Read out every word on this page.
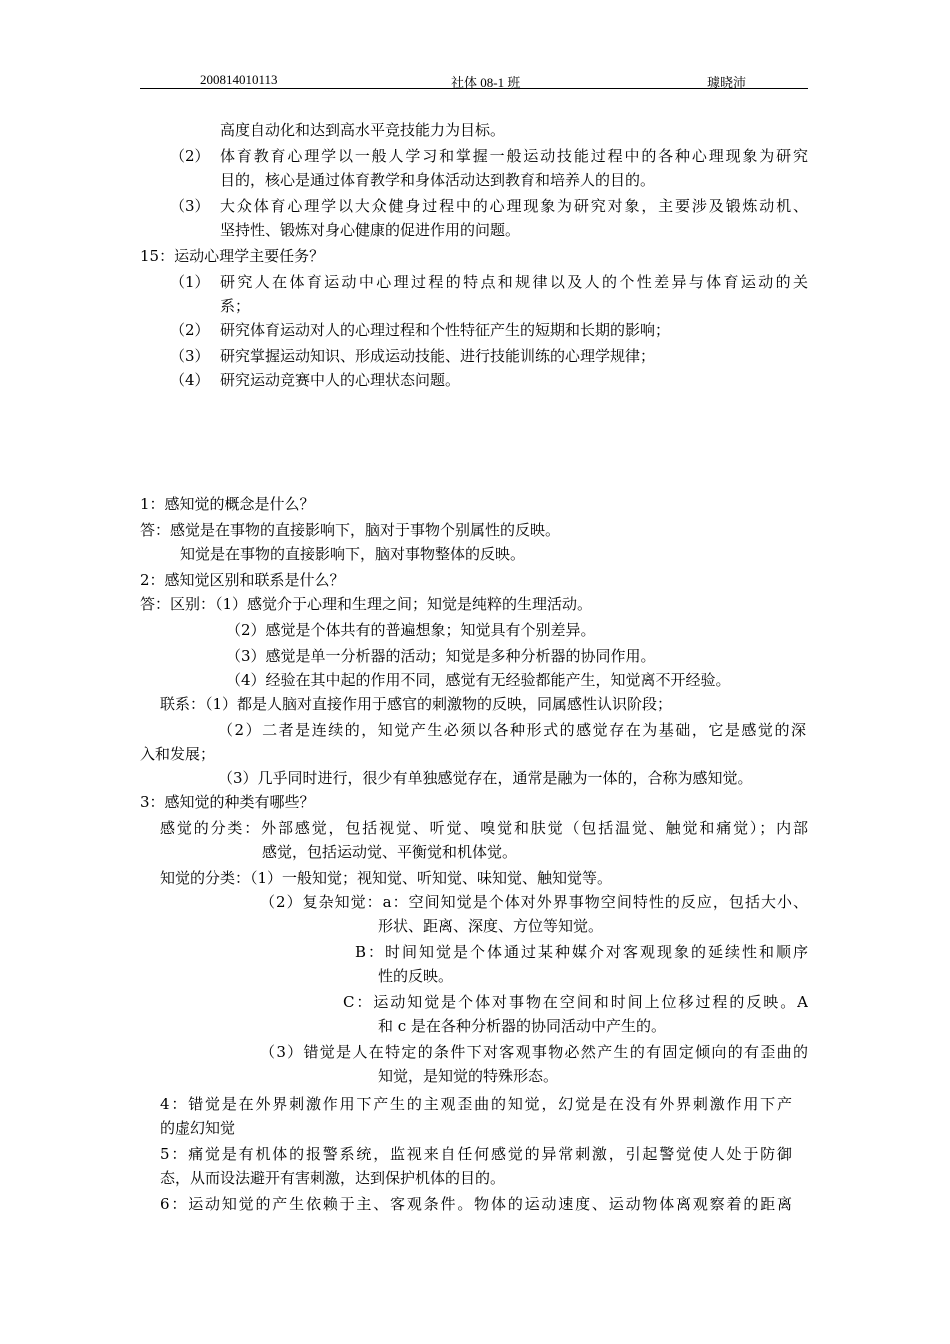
200814010113	社体 08-1 班	璩晓沛
高度自动化和达到高水平竞技能力为目标。
（2） 体育教育心理学以一般人学习和掌握一般运动技能过程中的各种心理现象为研究
目的，核心是通过体育教学和身体活动达到教育和培养人的目的。
（3） 大众体育心理学以大众健身过程中的心理现象为研究对象，主要涉及锻炼动机、
坚持性、锻炼对身心健康的促进作用的问题。
15：运动心理学主要任务？
（1） 研究人在体育运动中心理过程的特点和规律以及人的个性差异与体育运动的关
系；
（2） 研究体育运动对人的心理过程和个性特征产生的短期和长期的影响；
（3） 研究掌握运动知识、形成运动技能、进行技能训练的心理学规律；
（4） 研究运动竞赛中人的心理状态问题。
1：感知觉的概念是什么？
答：感觉是在事物的直接影响下，脑对于事物个别属性的反映。
知觉是在事物的直接影响下，脑对事物整体的反映。
2：感知觉区别和联系是什么？
答：区别：（1）感觉介于心理和生理之间；知觉是纯粹的生理活动。
（2）感觉是个体共有的普遍想象；知觉具有个别差异。
（3）感觉是单一分析器的活动；知觉是多种分析器的协同作用。
（4）经验在其中起的作用不同，感觉有无经验都能产生，知觉离不开经验。
联系：（1）都是人脑对直接作用于感官的刺激物的反映，同属感性认识阶段；
（2）二者是连续的，知觉产生必须以各种形式的感觉存在为基础，它是感觉的深
入和发展；
（3）几乎同时进行，很少有单独感觉存在，通常是融为一体的，合称为感知觉。
3：感知觉的种类有哪些？
感觉的分类：外部感觉，包括视觉、听觉、嗅觉和肤觉（包括温觉、触觉和痛觉）；内部
感觉，包括运动觉、平衡觉和机体觉。
知觉的分类：（1）一般知觉；视知觉、听知觉、味知觉、触知觉等。
（2）复杂知觉：a：空间知觉是个体对外界事物空间特性的反应，包括大小、
形状、距离、深度、方位等知觉。
B：时间知觉是个体通过某种媒介对客观现象的延续性和顺序
性的反映。
C：运动知觉是个体对事物在空间和时间上位移过程的反映。A
和 c 是在各种分析器的协同活动中产生的。
（3）错觉是人在特定的条件下对客观事物必然产生的有固定倾向的有歪曲的
知觉，是知觉的特殊形态。
4：错觉是在外界刺激作用下产生的主观歪曲的知觉，幻觉是在没有外界刺激作用下产
的虚幻知觉
5：痛觉是有机体的报警系统，监视来自任何感觉的异常刺激，引起警觉使人处于防御
态，从而设法避开有害刺激，达到保护机体的目的。
6：运动知觉的产生依赖于主、客观条件。物体的运动速度、运动物体离观察着的距离
